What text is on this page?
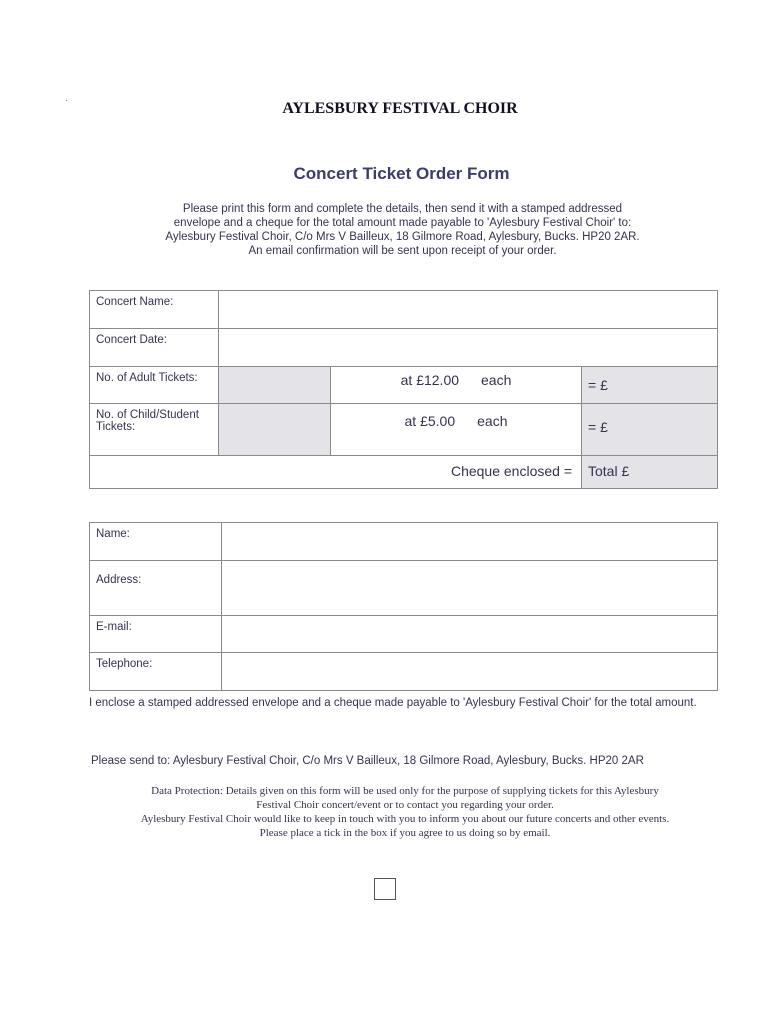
AYLESBURY FESTIVAL CHOIR
Concert Ticket Order Form
Please print this form and complete the details, then send it with a stamped addressed
envelope and a cheque for the total amount made payable to 'Aylesbury Festival Choir' to:
Aylesbury Festival Choir, C/o Mrs V Bailleux, 18 Gilmore Road, Aylesbury, Bucks. HP20 2AR.
An email confirmation will be sent upon receipt of your order.
Concert Name:			
Concert Date:			
No. of Adult Tickets:		at £12.00 each	= £

No. of Child/Student
Tickets:		at £5.00 each	= £
Cheque enclosed =			Total £
Name:	
Address:	
E-mail:	
Telephone:	
I enclose a stamped addressed envelope and a cheque made payable to 'Aylesbury Festival Choir' for the total amount.
Please send to: Aylesbury Festival Choir, C/o Mrs V Bailleux, 18 Gilmore Road, Aylesbury, Bucks. HP20 2AR
Data Protection: Details given on this form will be used only for the purpose of supplying tickets for this Aylesbury
Festival Choir concert/event or to contact you regarding your order.
Aylesbury Festival Choir would like to keep in touch with you to inform you about our future concerts and other events.
Please place a tick in the box if you agree to us doing so by email.
